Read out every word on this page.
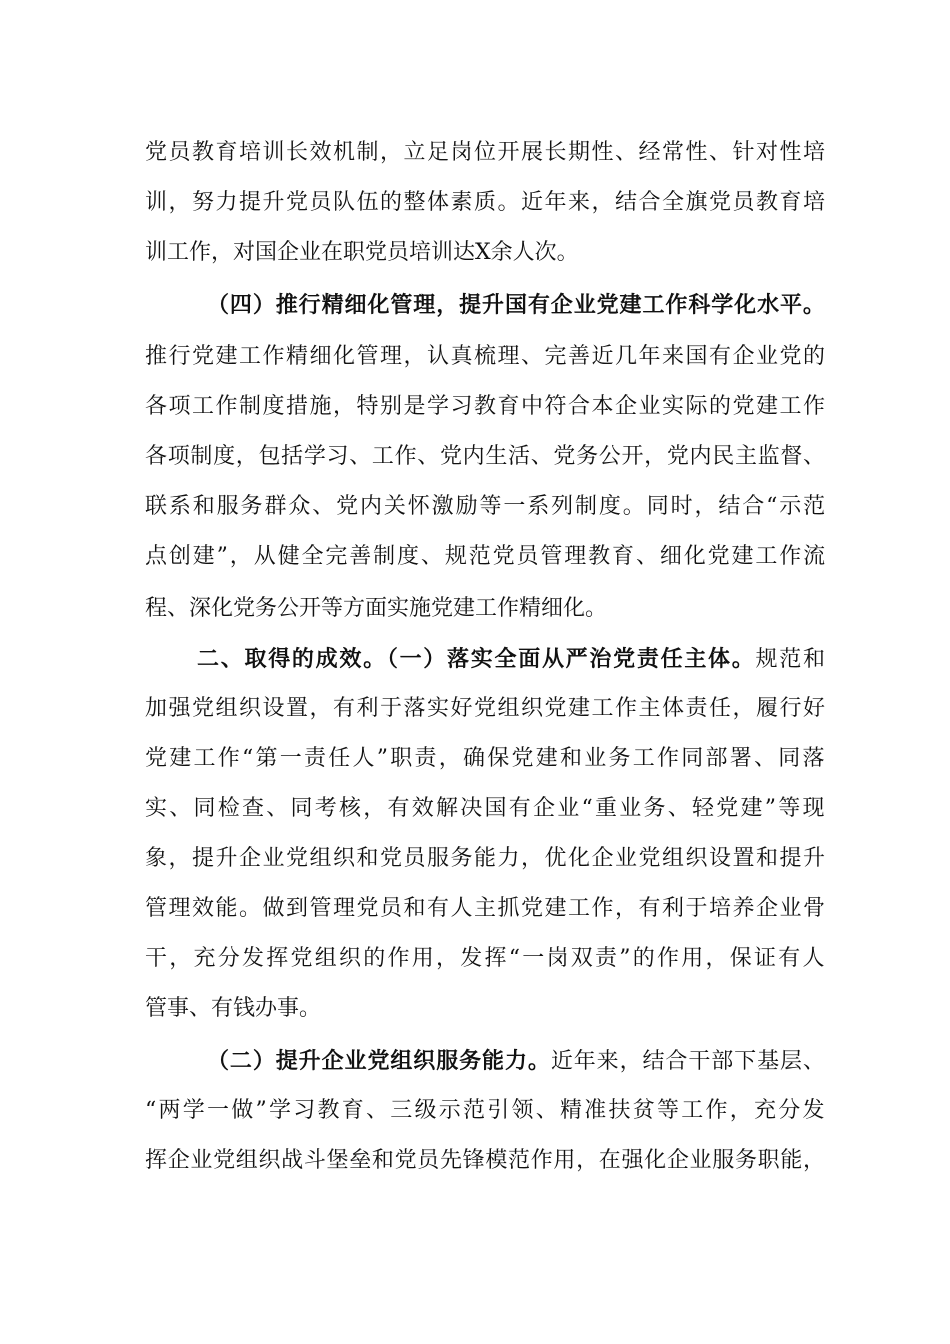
党员教育培训长效机制，立足岗位开展长期性、经常性、针对性培
训，努力提升党员队伍的整体素质。近年来，结合全旗党员教育培
训工作，对国企业在职党员培训达X余人次。
（四）推行精细化管理，提升国有企业党建工作科学化水平。
推行党建工作精细化管理，认真梳理、完善近几年来国有企业党的
各项工作制度措施，特别是学习教育中符合本企业实际的党建工作
各项制度，包括学习、工作、党内生活、党务公开，党内民主监督、
联系和服务群众、党内关怀激励等一系列制度。同时，结合“示范
点创建”，从健全完善制度、规范党员管理教育、细化党建工作流
程、深化党务公开等方面实施党建工作精细化。
二、取得的成效。（一）落实全面从严治党责任主体。规范和
加强党组织设置，有利于落实好党组织党建工作主体责任，履行好
党建工作“第一责任人”职责，确保党建和业务工作同部署、同落
实、同检查、同考核，有效解决国有企业“重业务、轻党建”等现
象，提升企业党组织和党员服务能力，优化企业党组织设置和提升
管理效能。做到管理党员和有人主抓党建工作，有利于培养企业骨
干，充分发挥党组织的作用，发挥“一岗双责”的作用，保证有人
管事、有钱办事。
（二）提升企业党组织服务能力。近年来，结合干部下基层、
“两学一做”学习教育、三级示范引领、精准扶贫等工作，充分发
挥企业党组织战斗堡垒和党员先锋模范作用，在强化企业服务职能，
